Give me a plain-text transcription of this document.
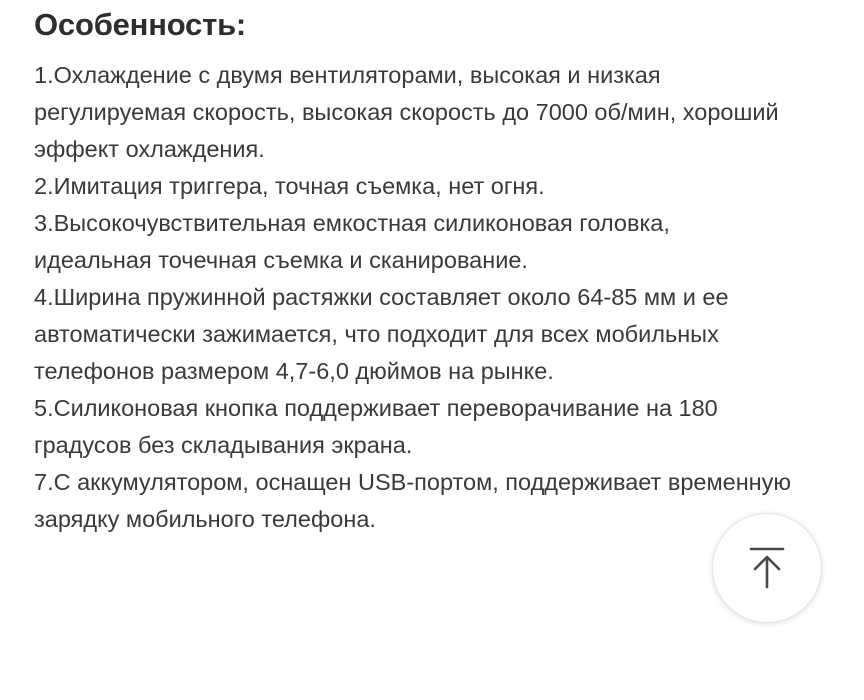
Особенность:

1.Охлаждение с двумя вентиляторами, высокая и низкая регулируемая скорость, высокая скорость до 7000 об/мин, хороший эффект охлаждения.

2.Имитация триггера, точная съемка, нет огня.

3.Высокочувствительная емкостная силиконовая головка, идеальная точечная съемка и сканирование.

4.Ширина пружинной растяжки составляет около 64-85 мм и ее автоматически зажимается, что подходит для всех мобильных телефонов размером 4,7-6,0 дюймов на рынке.

5.Силиконовая кнопка поддерживает переворачивание на 180 градусов без складывания экрана.

7.С аккумулятором, оснащен USB-портом, поддерживает временную зарядку мобильного телефона.
